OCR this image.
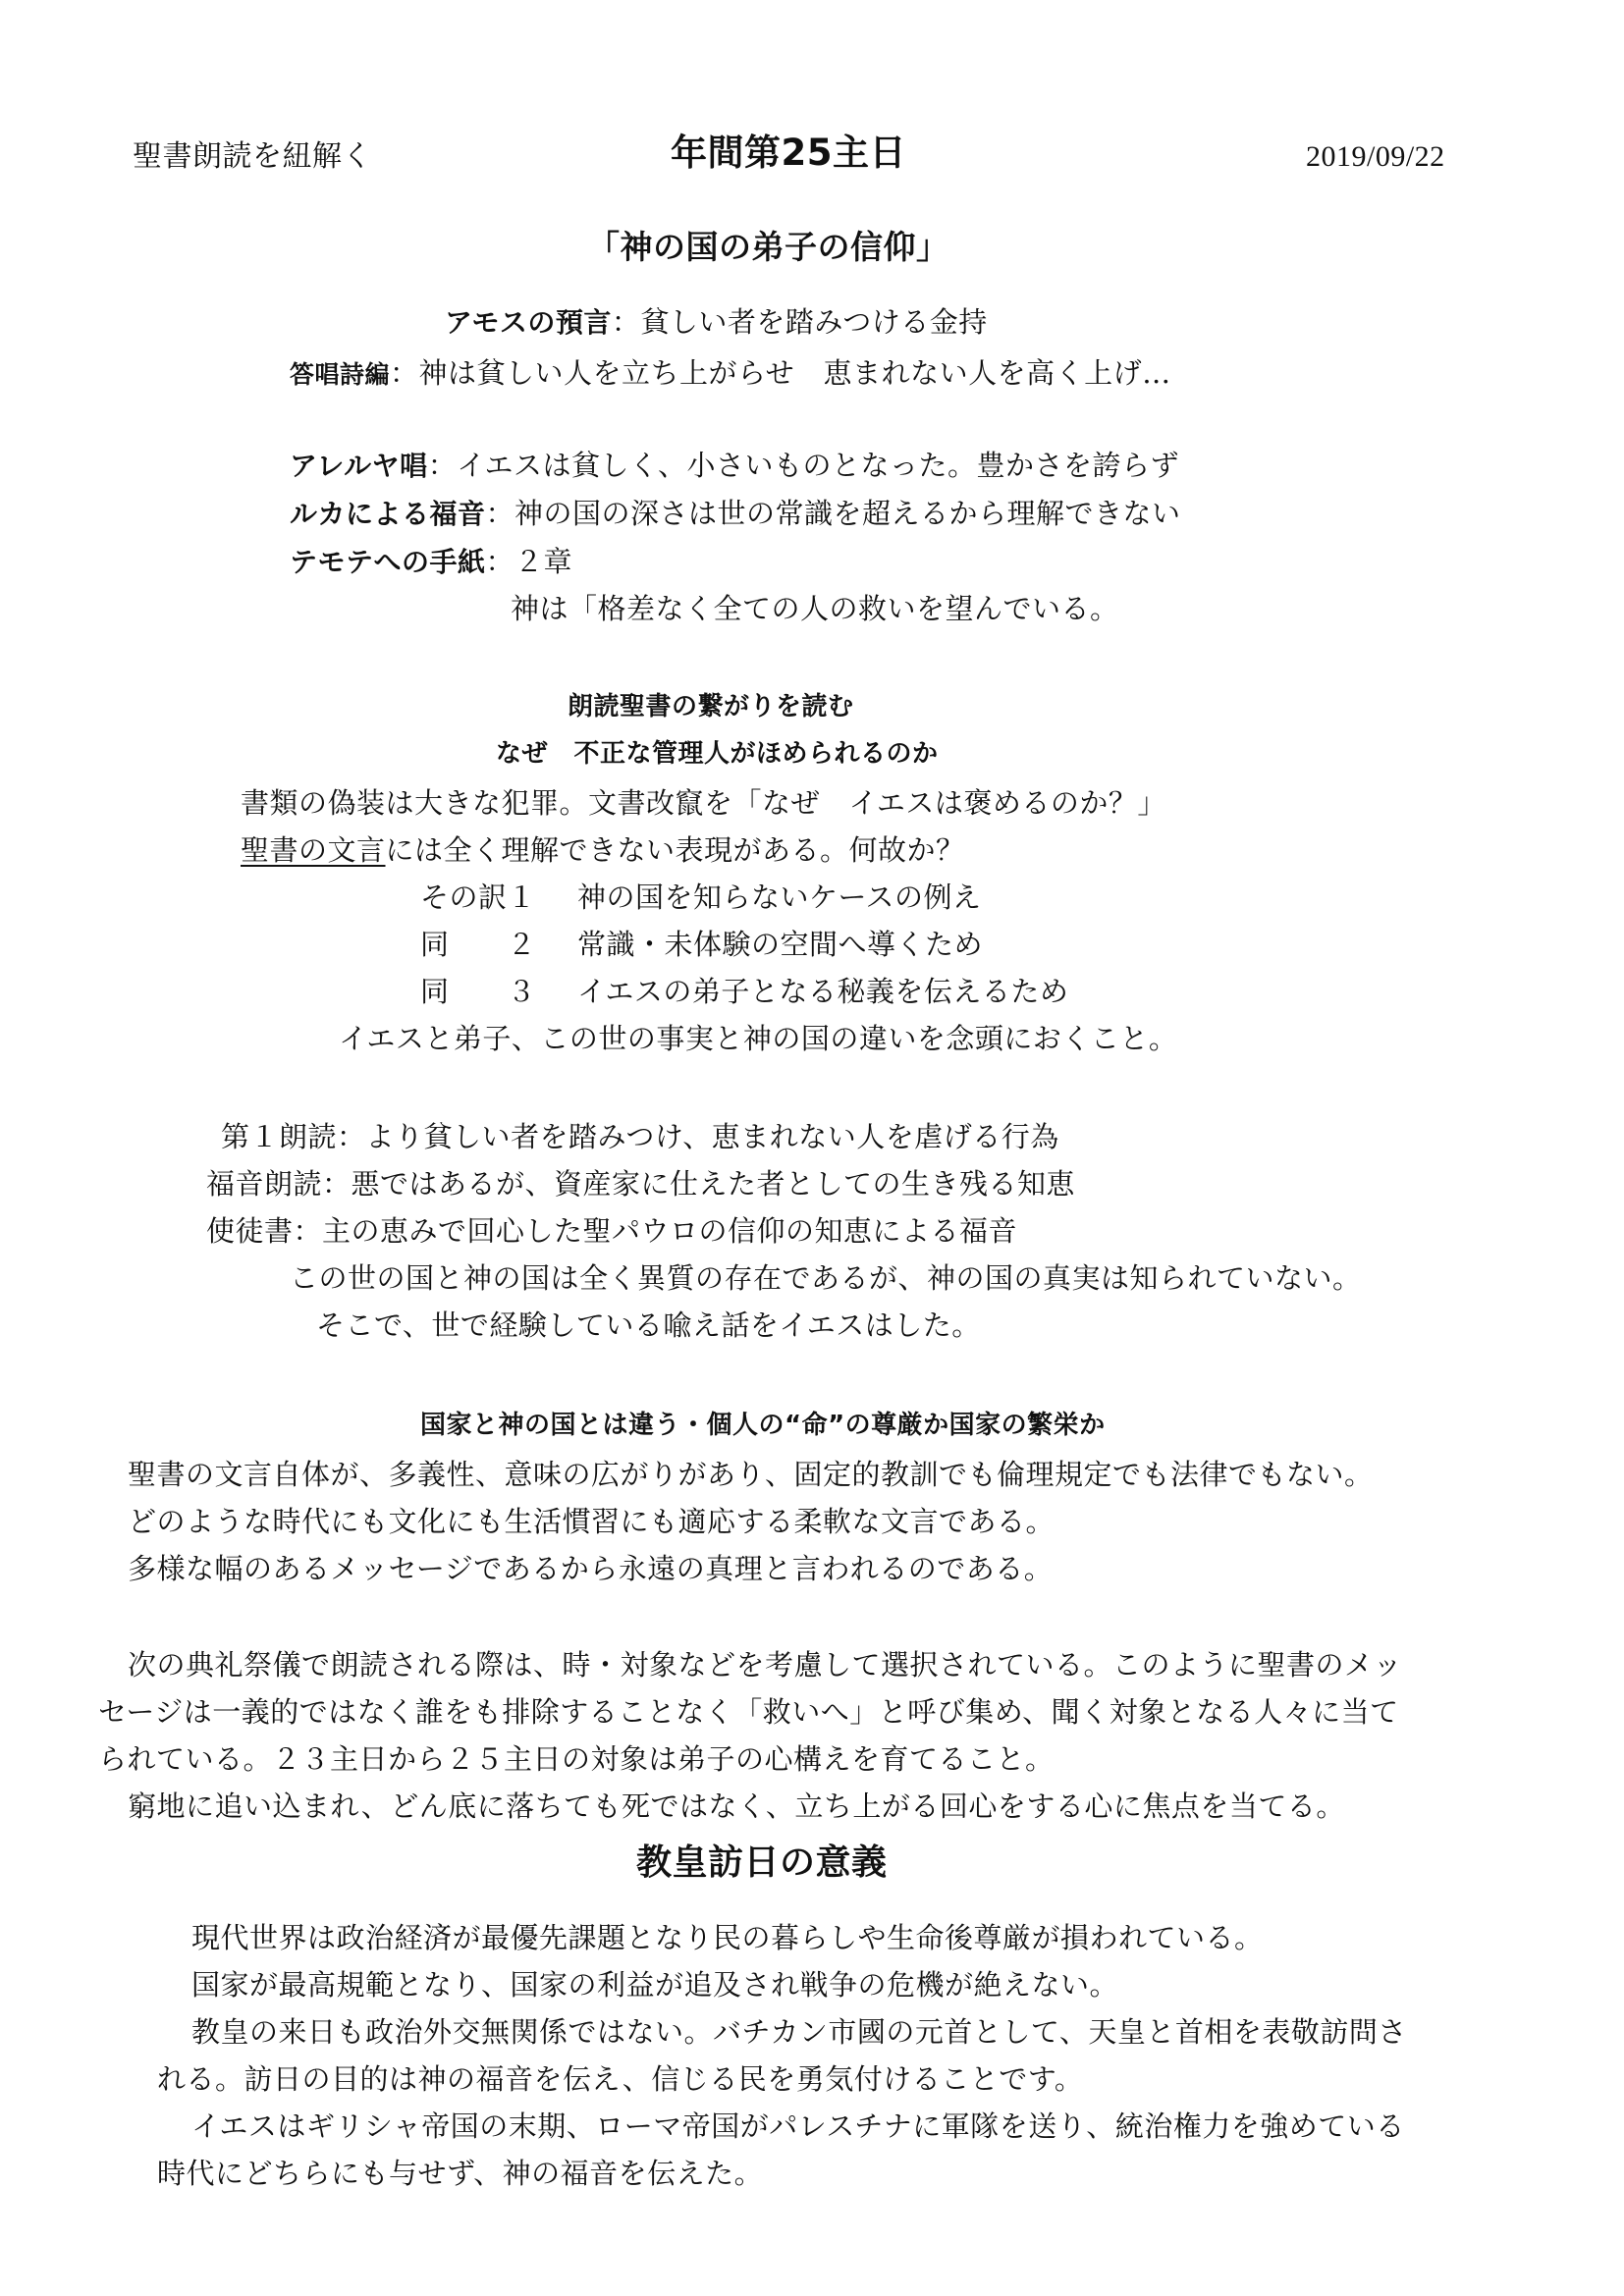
聖書朗読を紐解く	年間第25主日	2019/09/22
「神の国の弟子の信仰」
アモスの預言：貧しい者を踏みつける金持
答唱詩編：神は貧しい人を立ち上がらせ　恵まれない人を高く上げ…
アレルヤ唱：イエスは貧しく、小さいものとなった。豊かさを誇らず
ルカによる福音：神の国の深さは世の常識を超えるから理解できない
テモテへの手紙：２章
神は「格差なく全ての人の救いを望んでいる。
朗読聖書の繋がりを読む
なぜ　不正な管理人がほめられるのか
書類の偽装は大きな犯罪。文書改竄を「なぜ　イエスは褒めるのか？」
聖書の文言には全く理解できない表現がある。何故か？
その訳１ 神の国を知らないケースの例え
同　　２ 常識・未体験の空間へ導くため
同　　３ イエスの弟子となる秘義を伝えるため
イエスと弟子、この世の事実と神の国の違いを念頭におくこと。
第１朗読：より貧しい者を踏みつけ、恵まれない人を虐げる行為
福音朗読：悪ではあるが、資産家に仕えた者としての生き残る知恵
使徒書：主の恵みで回心した聖パウロの信仰の知恵による福音
この世の国と神の国は全く異質の存在であるが、神の国の真実は知られていない。
そこで、世で経験している喩え話をイエスはした。
国家と神の国とは違う・個人の“命”の尊厳か国家の繁栄か
聖書の文言自体が、多義性、意味の広がりがあり、固定的教訓でも倫理規定でも法律でもない。
どのような時代にも文化にも生活慣習にも適応する柔軟な文言である。
多様な幅のあるメッセージであるから永遠の真理と言われるのである。
次の典礼祭儀で朗読される際は、時・対象などを考慮して選択されている。このように聖書のメッ
セージは一義的ではなく誰をも排除することなく「救いへ」と呼び集め、聞く対象となる人々に当て
られている。２３主日から２５主日の対象は弟子の心構えを育てること。
窮地に追い込まれ、どん底に落ちても死ではなく、立ち上がる回心をする心に焦点を当てる。
教皇訪日の意義
現代世界は政治経済が最優先課題となり民の暮らしや生命後尊厳が損われている。
国家が最高規範となり、国家の利益が追及され戦争の危機が絶えない。
教皇の来日も政治外交無関係ではない。バチカン市國の元首として、天皇と首相を表敬訪問さ
れる。訪日の目的は神の福音を伝え、信じる民を勇気付けることです。
イエスはギリシャ帝国の末期、ローマ帝国がパレスチナに軍隊を送り、統治権力を強めている
時代にどちらにも与せず、神の福音を伝えた。
